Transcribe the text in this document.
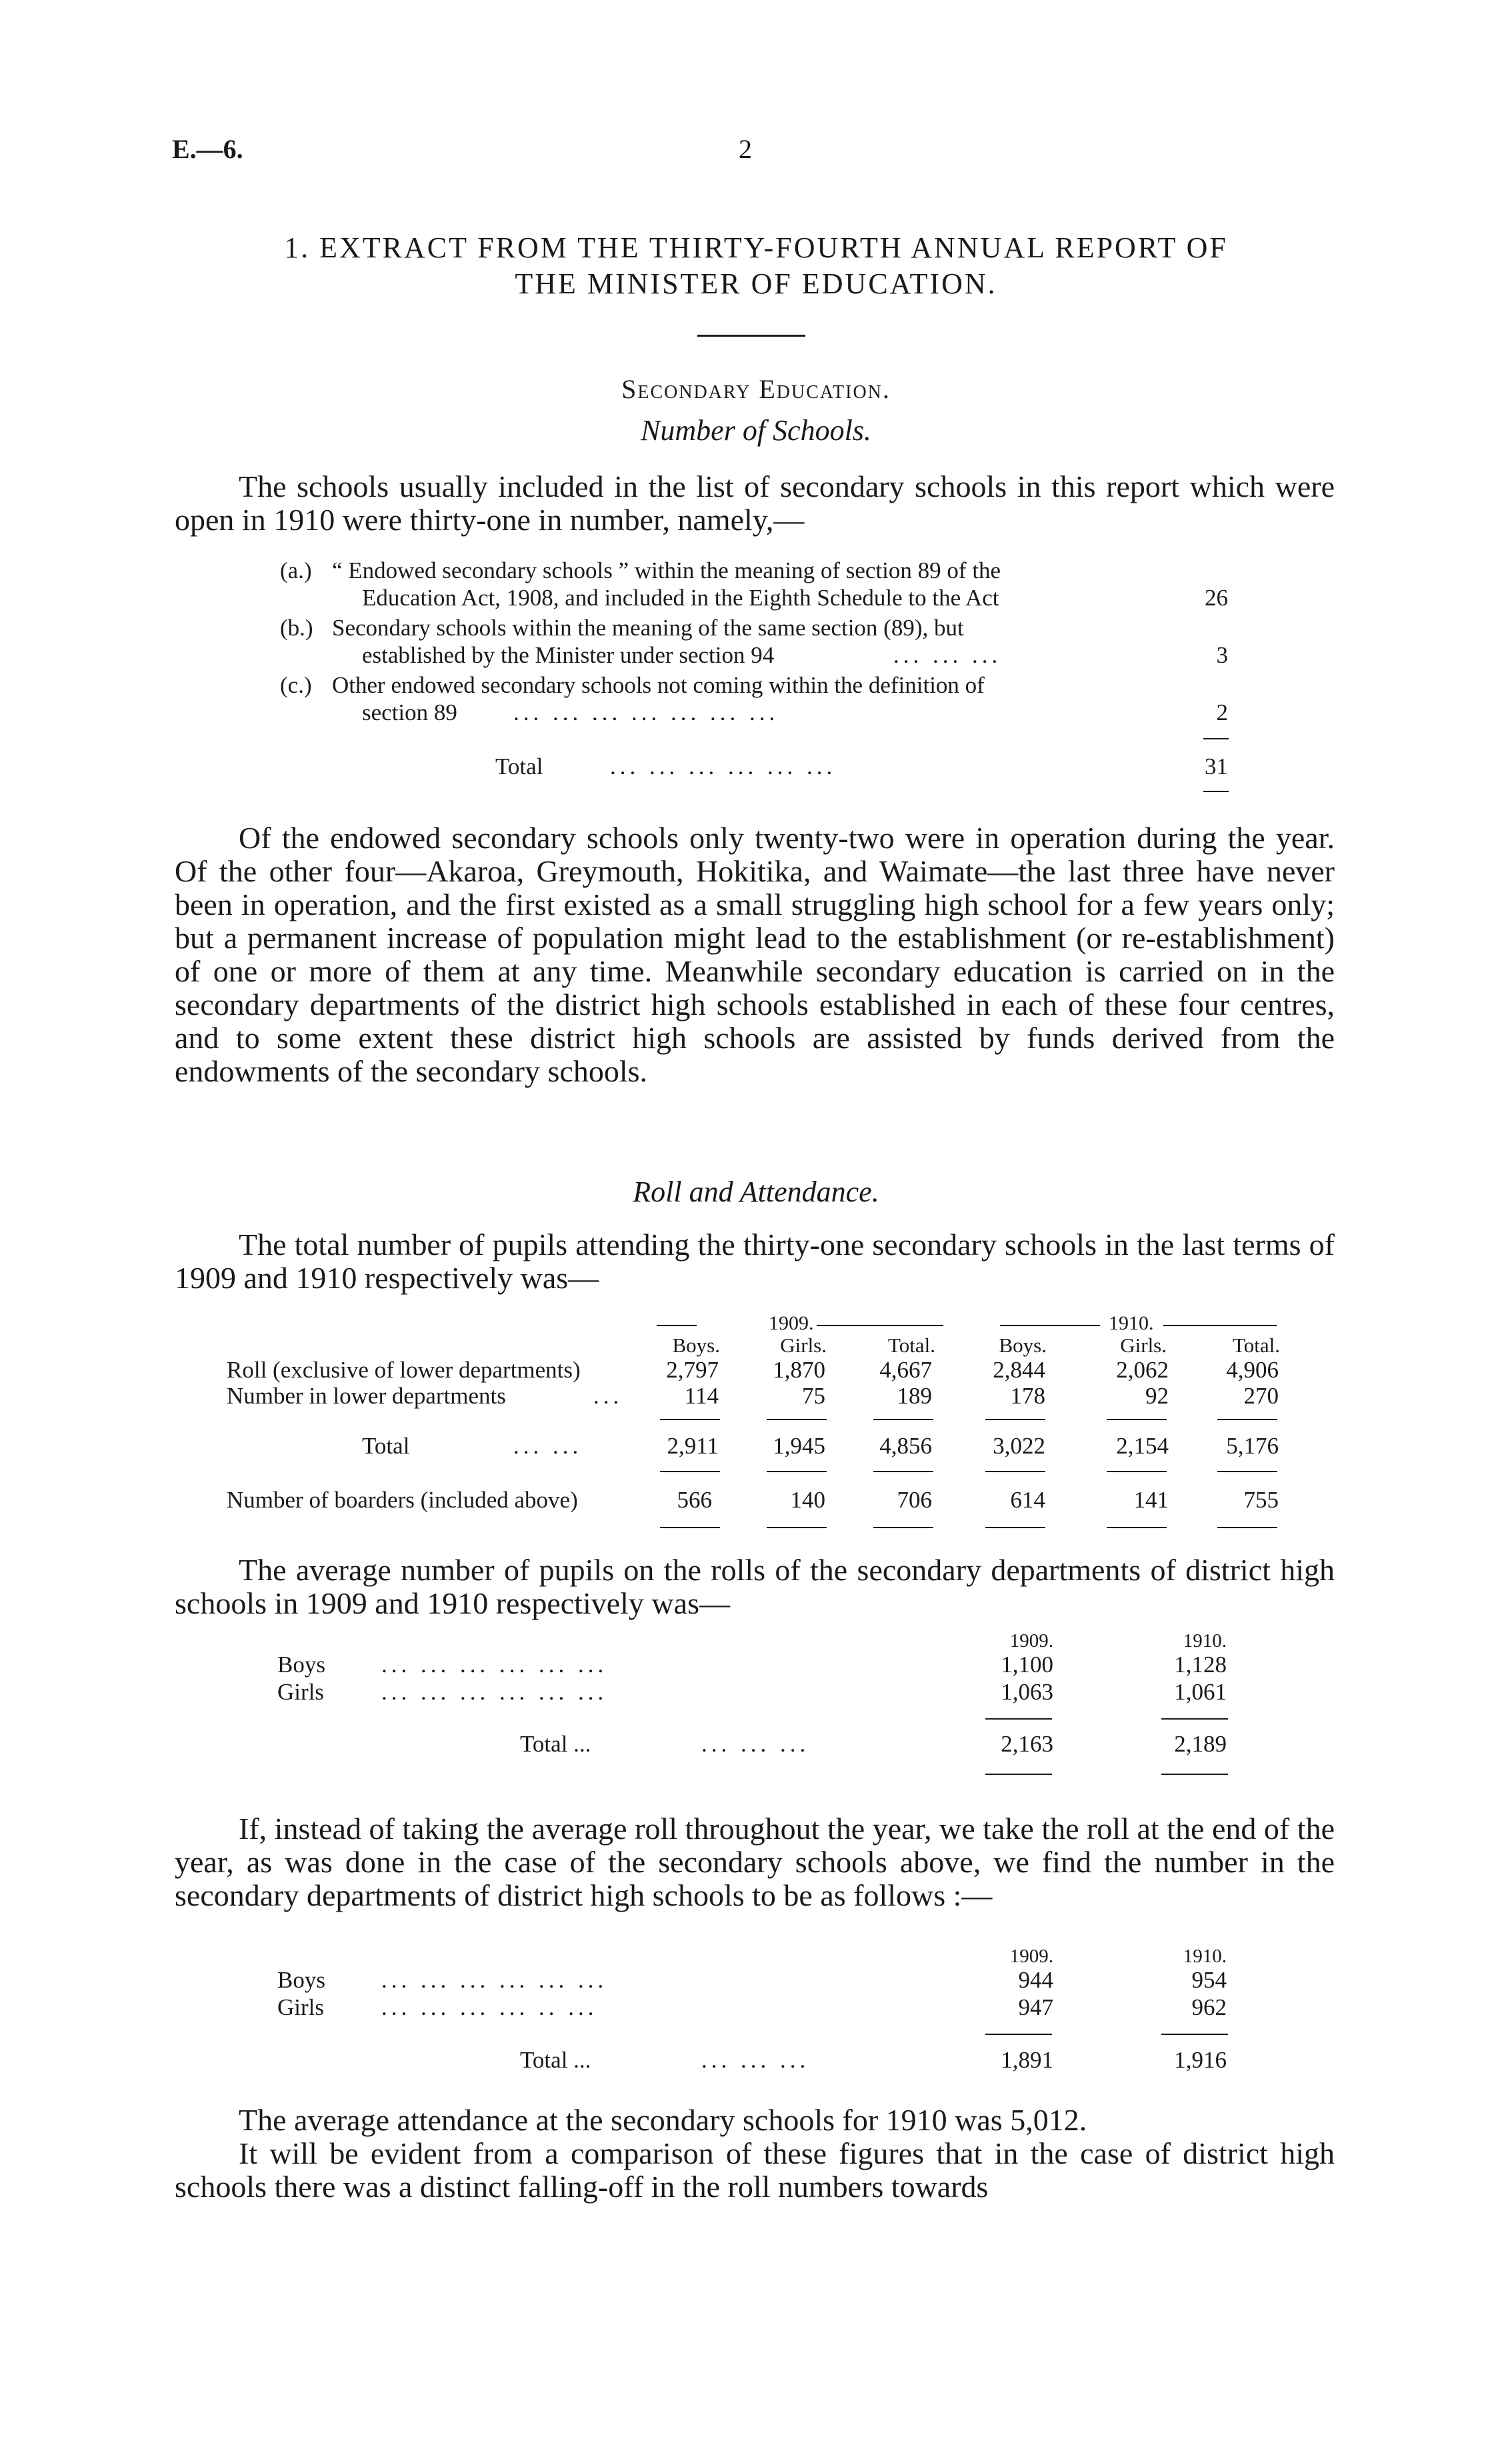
E.—6.	2
1. EXTRACT FROM THE THIRTY-FOURTH ANNUAL REPORT OF
THE MINISTER OF EDUCATION.
Secondary Education.
Number of Schools.
The schools usually included in the list of secondary schools in this report which were open in 1910 were thirty-one in number, namely,—
(a.) “ Endowed secondary schools ” within the meaning of section 89 of the
Education Act, 1908, and included in the Eighth Schedule to the Act	26
(b.) Secondary schools within the meaning of the same section (89), but
established by the Minister under section 94	... ... ...	3
(c.) Other endowed secondary schools not coming within the definition of
section 89 ... ... ... ... ... ... ...	2
Total	... ... ... ... ... ...	31
Of the endowed secondary schools only twenty-two were in operation during the year. Of the other four—Akaroa, Greymouth, Hokitika, and Waimate—the last three have never been in operation, and the first existed as a small struggling high school for a few years only; but a permanent increase of population might lead to the establishment (or re-establishment) of one or more of them at any time. Meanwhile secondary education is carried on in the secondary departments of the district high schools established in each of these four centres, and to some extent these district high schools are assisted by funds derived from the endowments of the secondary schools.
Roll and Attendance.
The total number of pupils attending the thirty-one secondary schools in the last terms of 1909 and 1910 respectively was—
1909.	1910.
Boys.	Girls.	Total.	Boys.	Girls.	Total.
Roll (exclusive of lower departments)	2,797	1,870	4,667	2,844	2,062	4,906
Number in lower departments	...	114	75	189	178	92	270
Total	... ...	2,911	1,945	4,856	3,022	2,154	5,176
Number of boarders (included above)	566	140	706	614	141	755
The average number of pupils on the rolls of the secondary departments of district high schools in 1909 and 1910 respectively was—
1909.	1910.
Boys ... ... ... ... ... ...	1,100	1,128
Girls ... ... ... ... ... ...	1,063	1,061
Total ...	... ... ...	2,163	2,189
If, instead of taking the average roll throughout the year, we take the roll at the end of the year, as was done in the case of the secondary schools above, we find the number in the secondary departments of district high schools to be as follows :—
1909.	1910.
Boys ... ... ... ... ... ...	944	954
Girls ... ... ... ... .. ...	947	962
Total ...	... ... ...	1,891	1,916
The average attendance at the secondary schools for 1910 was 5,012.
It will be evident from a comparison of these figures that in the case of district high schools there was a distinct falling-off in the roll numbers towards
